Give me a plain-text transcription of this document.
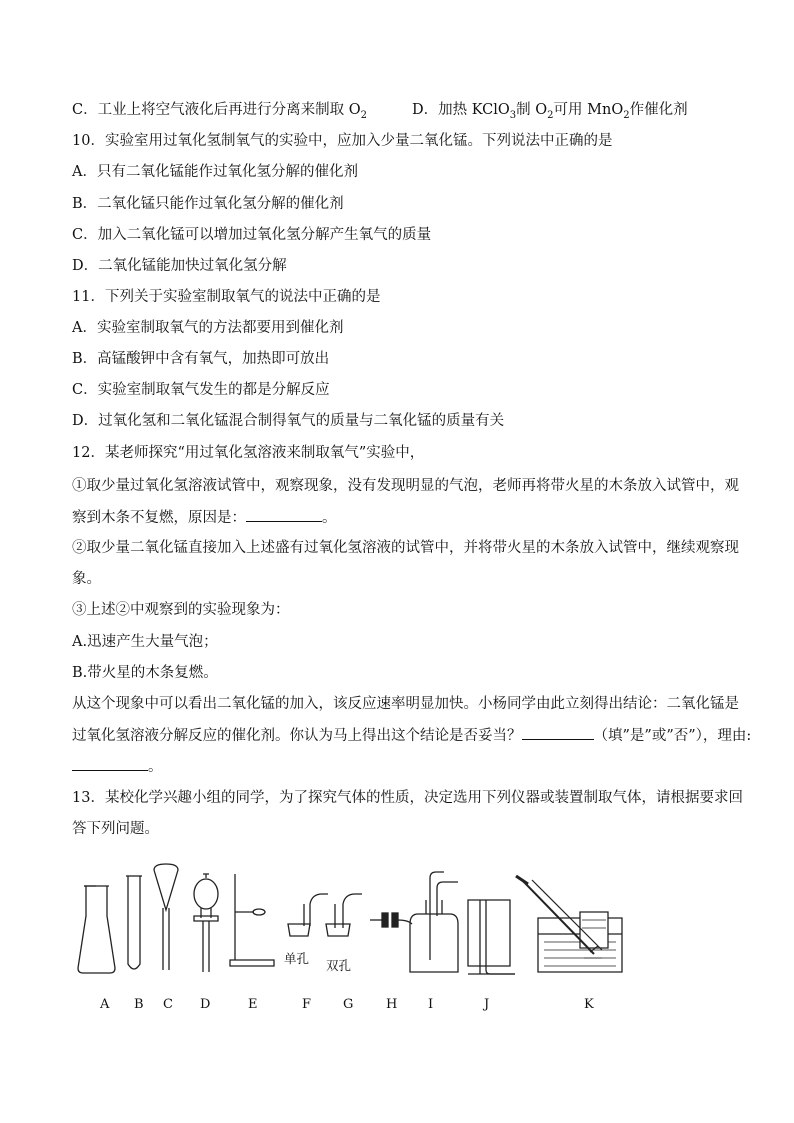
C．工业上将空气液化后再进行分离来制取 $O_2$	D．加热 KClO$_3$制 $O_2$可用 MnO$_2$作催化剂
10．实验室用过氧化氢制氧气的实验中，应加入少量二氧化锰。下列说法中正确的是
A．只有二氧化锰能作过氧化氢分解的催化剂
B．二氧化锰只能作过氧化氢分解的催化剂
C．加入二氧化锰可以增加过氧化氢分解产生氧气的质量
D．二氧化锰能加快过氧化氢分解
11．下列关于实验室制取氧气的说法中正确的是
A．实验室制取氧气的方法都要用到催化剂
B．高锰酸钾中含有氧气，加热即可放出
C．实验室制取氧气发生的都是分解反应
D．过氧化氢和二氧化锰混合制得氧气的质量与二氧化锰的质量有关
12．某老师探究“用过氧化氢溶液来制取氧气”实验中，
①取少量过氧化氢溶液试管中，观察现象，没有发现明显的气泡，老师再将带火星的木条放入试管中，观
察到木条不复燃，原因是：	。
②取少量二氧化锰直接加入上述盛有过氧化氢溶液的试管中，并将带火星的木条放入试管中，继续观察现
象。
③上述②中观察到的实验现象为：
A.迅速产生大量气泡；
B.带火星的木条复燃。
从这个现象中可以看出二氧化锰的加入，该反应速率明显加快。小杨同学由此立刻得出结论：二氧化锰是
过氧化氢溶液分解反应的催化剂。你认为马上得出这个结论是否妥当？	（填”是”或”否”），理由:
。
13．某校化学兴趣小组的同学，为了探究气体的性质，决定选用下列仪器或装置制取气体，请根据要求回
答下列问题。
单孔 双孔
A B C D	E	F G	H I	J	K
